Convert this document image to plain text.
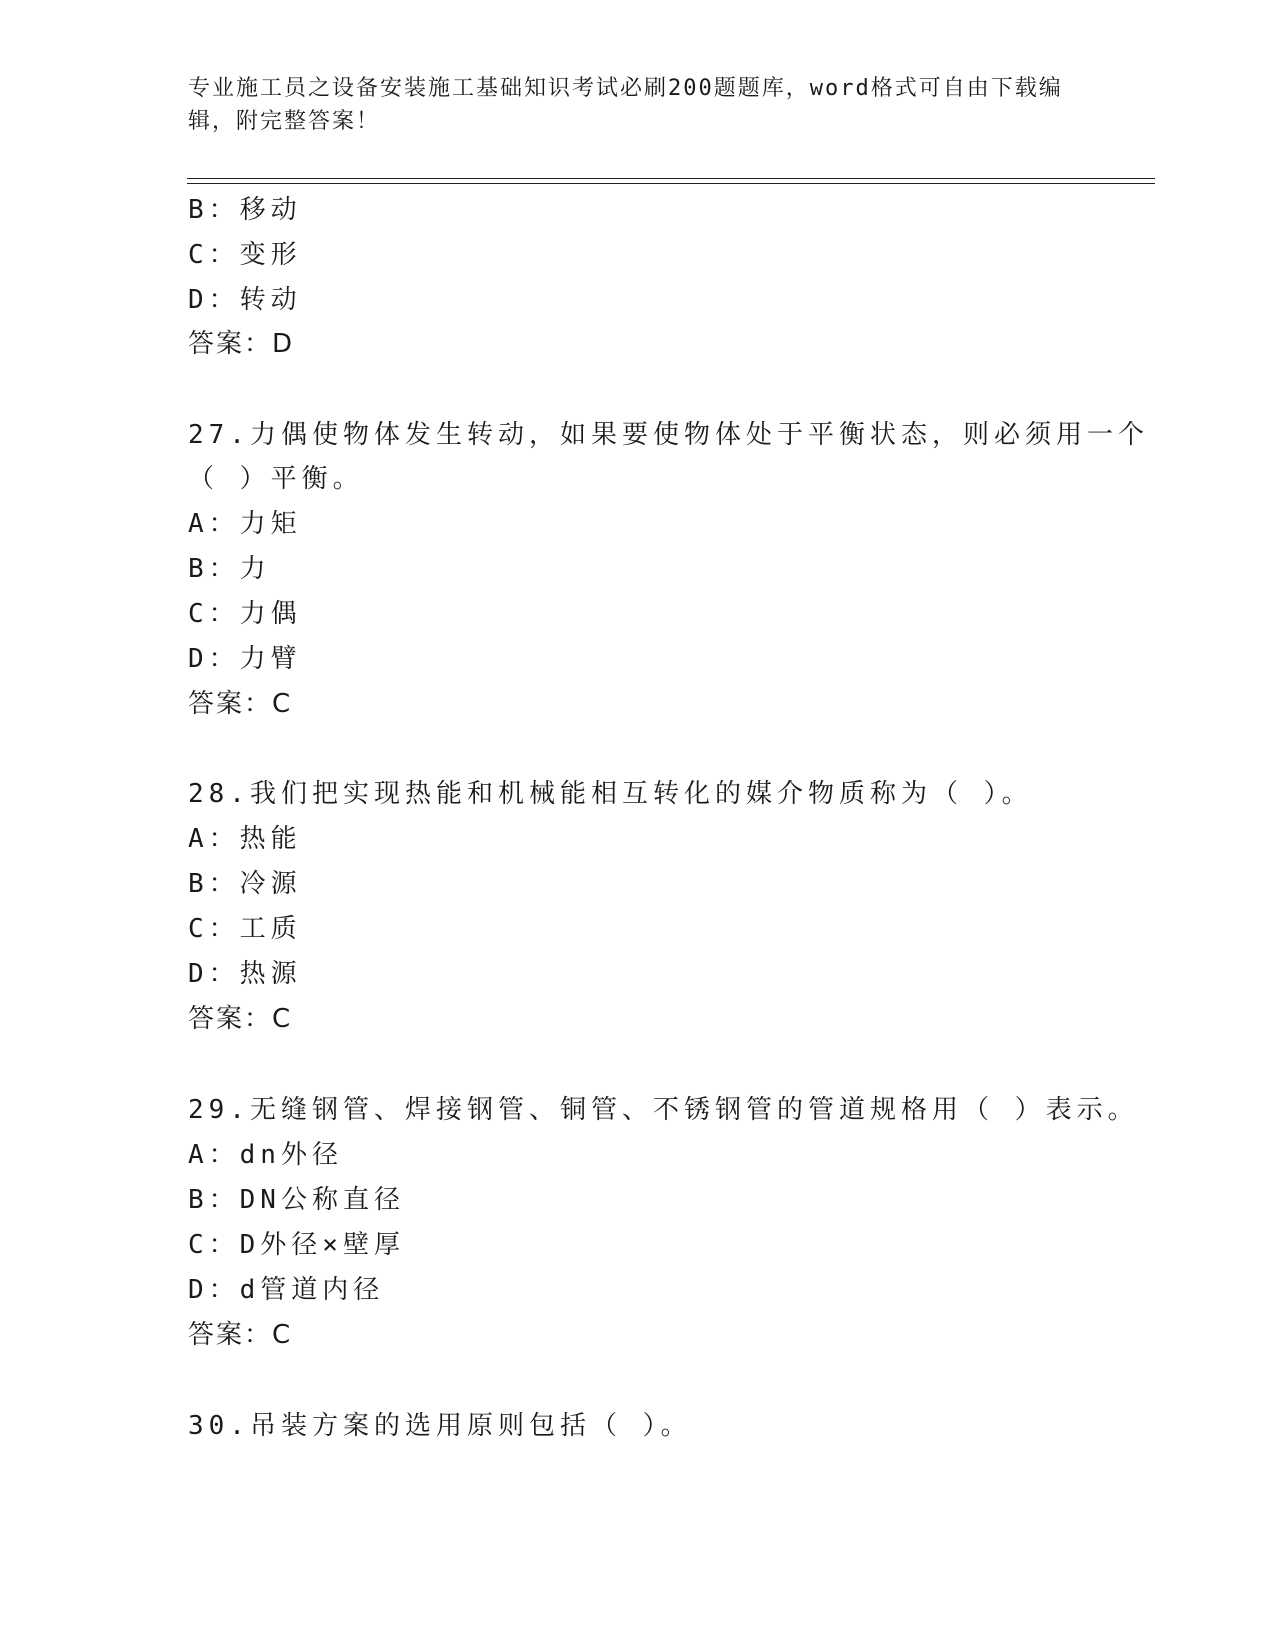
专业施工员之设备安装施工基础知识考试必刷200题题库，word格式可自由下载编辑，附完整答案！
B：移动
C：变形
D：转动
答案：D
27.力偶使物体发生转动，如果要使物体处于平衡状态，则必须用一个
（ ）平衡。
A：力矩
B：力
C：力偶
D：力臂
答案：C
28.我们把实现热能和机械能相互转化的媒介物质称为（ ）。
A：热能
B：冷源
C：工质
D：热源
答案：C
29.无缝钢管、焊接钢管、铜管、不锈钢管的管道规格用（ ）表示。
A：dn外径
B：DN公称直径
C：D外径×壁厚
D：d管道内径
答案：C
30.吊装方案的选用原则包括（ ）。
